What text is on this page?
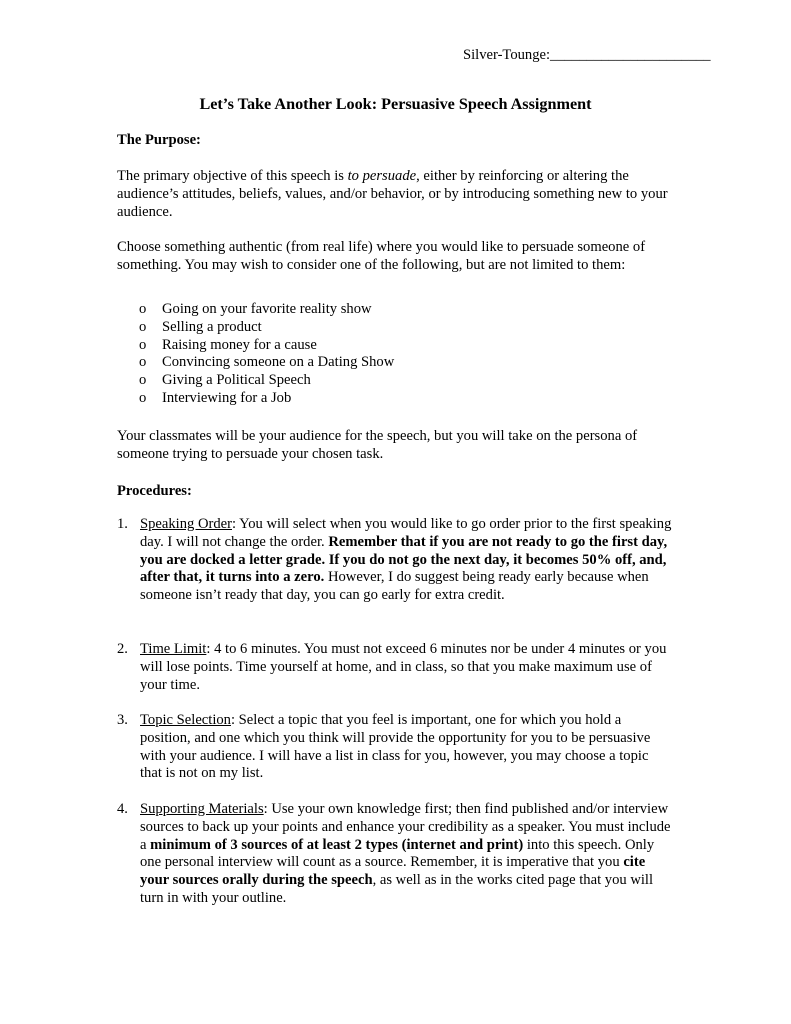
Silver-Tounge:______________________
Let’s Take Another Look: Persuasive Speech Assignment

The Purpose:

The primary objective of this speech is to persuade, either by reinforcing or altering the audience’s attitudes, beliefs, values, and/or behavior, or by introducing something new to your audience.

Choose something authentic (from real life) where you would like to persuade someone of something. You may wish to consider one of the following, but are not limited to them:

o Going on your favorite reality show
o Selling a product
o Raising money for a cause
o Convincing someone on a Dating Show
o Giving a Political Speech
o Interviewing for a Job

Your classmates will be your audience for the speech, but you will take on the persona of someone trying to persuade your chosen task.

Procedures:

1. Speaking Order: You will select when you would like to go order prior to the first speaking day. I will not change the order. Remember that if you are not ready to go the first day, you are docked a letter grade. If you do not go the next day, it becomes 50% off, and, after that, it turns into a zero. However, I do suggest being ready early because when someone isn’t ready that day, you can go early for extra credit.
2. Time Limit: 4 to 6 minutes. You must not exceed 6 minutes nor be under 4 minutes or you will lose points. Time yourself at home, and in class, so that you make maximum use of your time.
3. Topic Selection: Select a topic that you feel is important, one for which you hold a position, and one which you think will provide the opportunity for you to be persuasive with your audience. I will have a list in class for you, however, you may choose a topic that is not on my list.
4. Supporting Materials: Use your own knowledge first; then find published and/or interview sources to back up your points and enhance your credibility as a speaker. You must include a minimum of 3 sources of at least 2 types (internet and print) into this speech. Only one personal interview will count as a source. Remember, it is imperative that you cite your sources orally during the speech, as well as in the works cited page that you will turn in with your outline.
